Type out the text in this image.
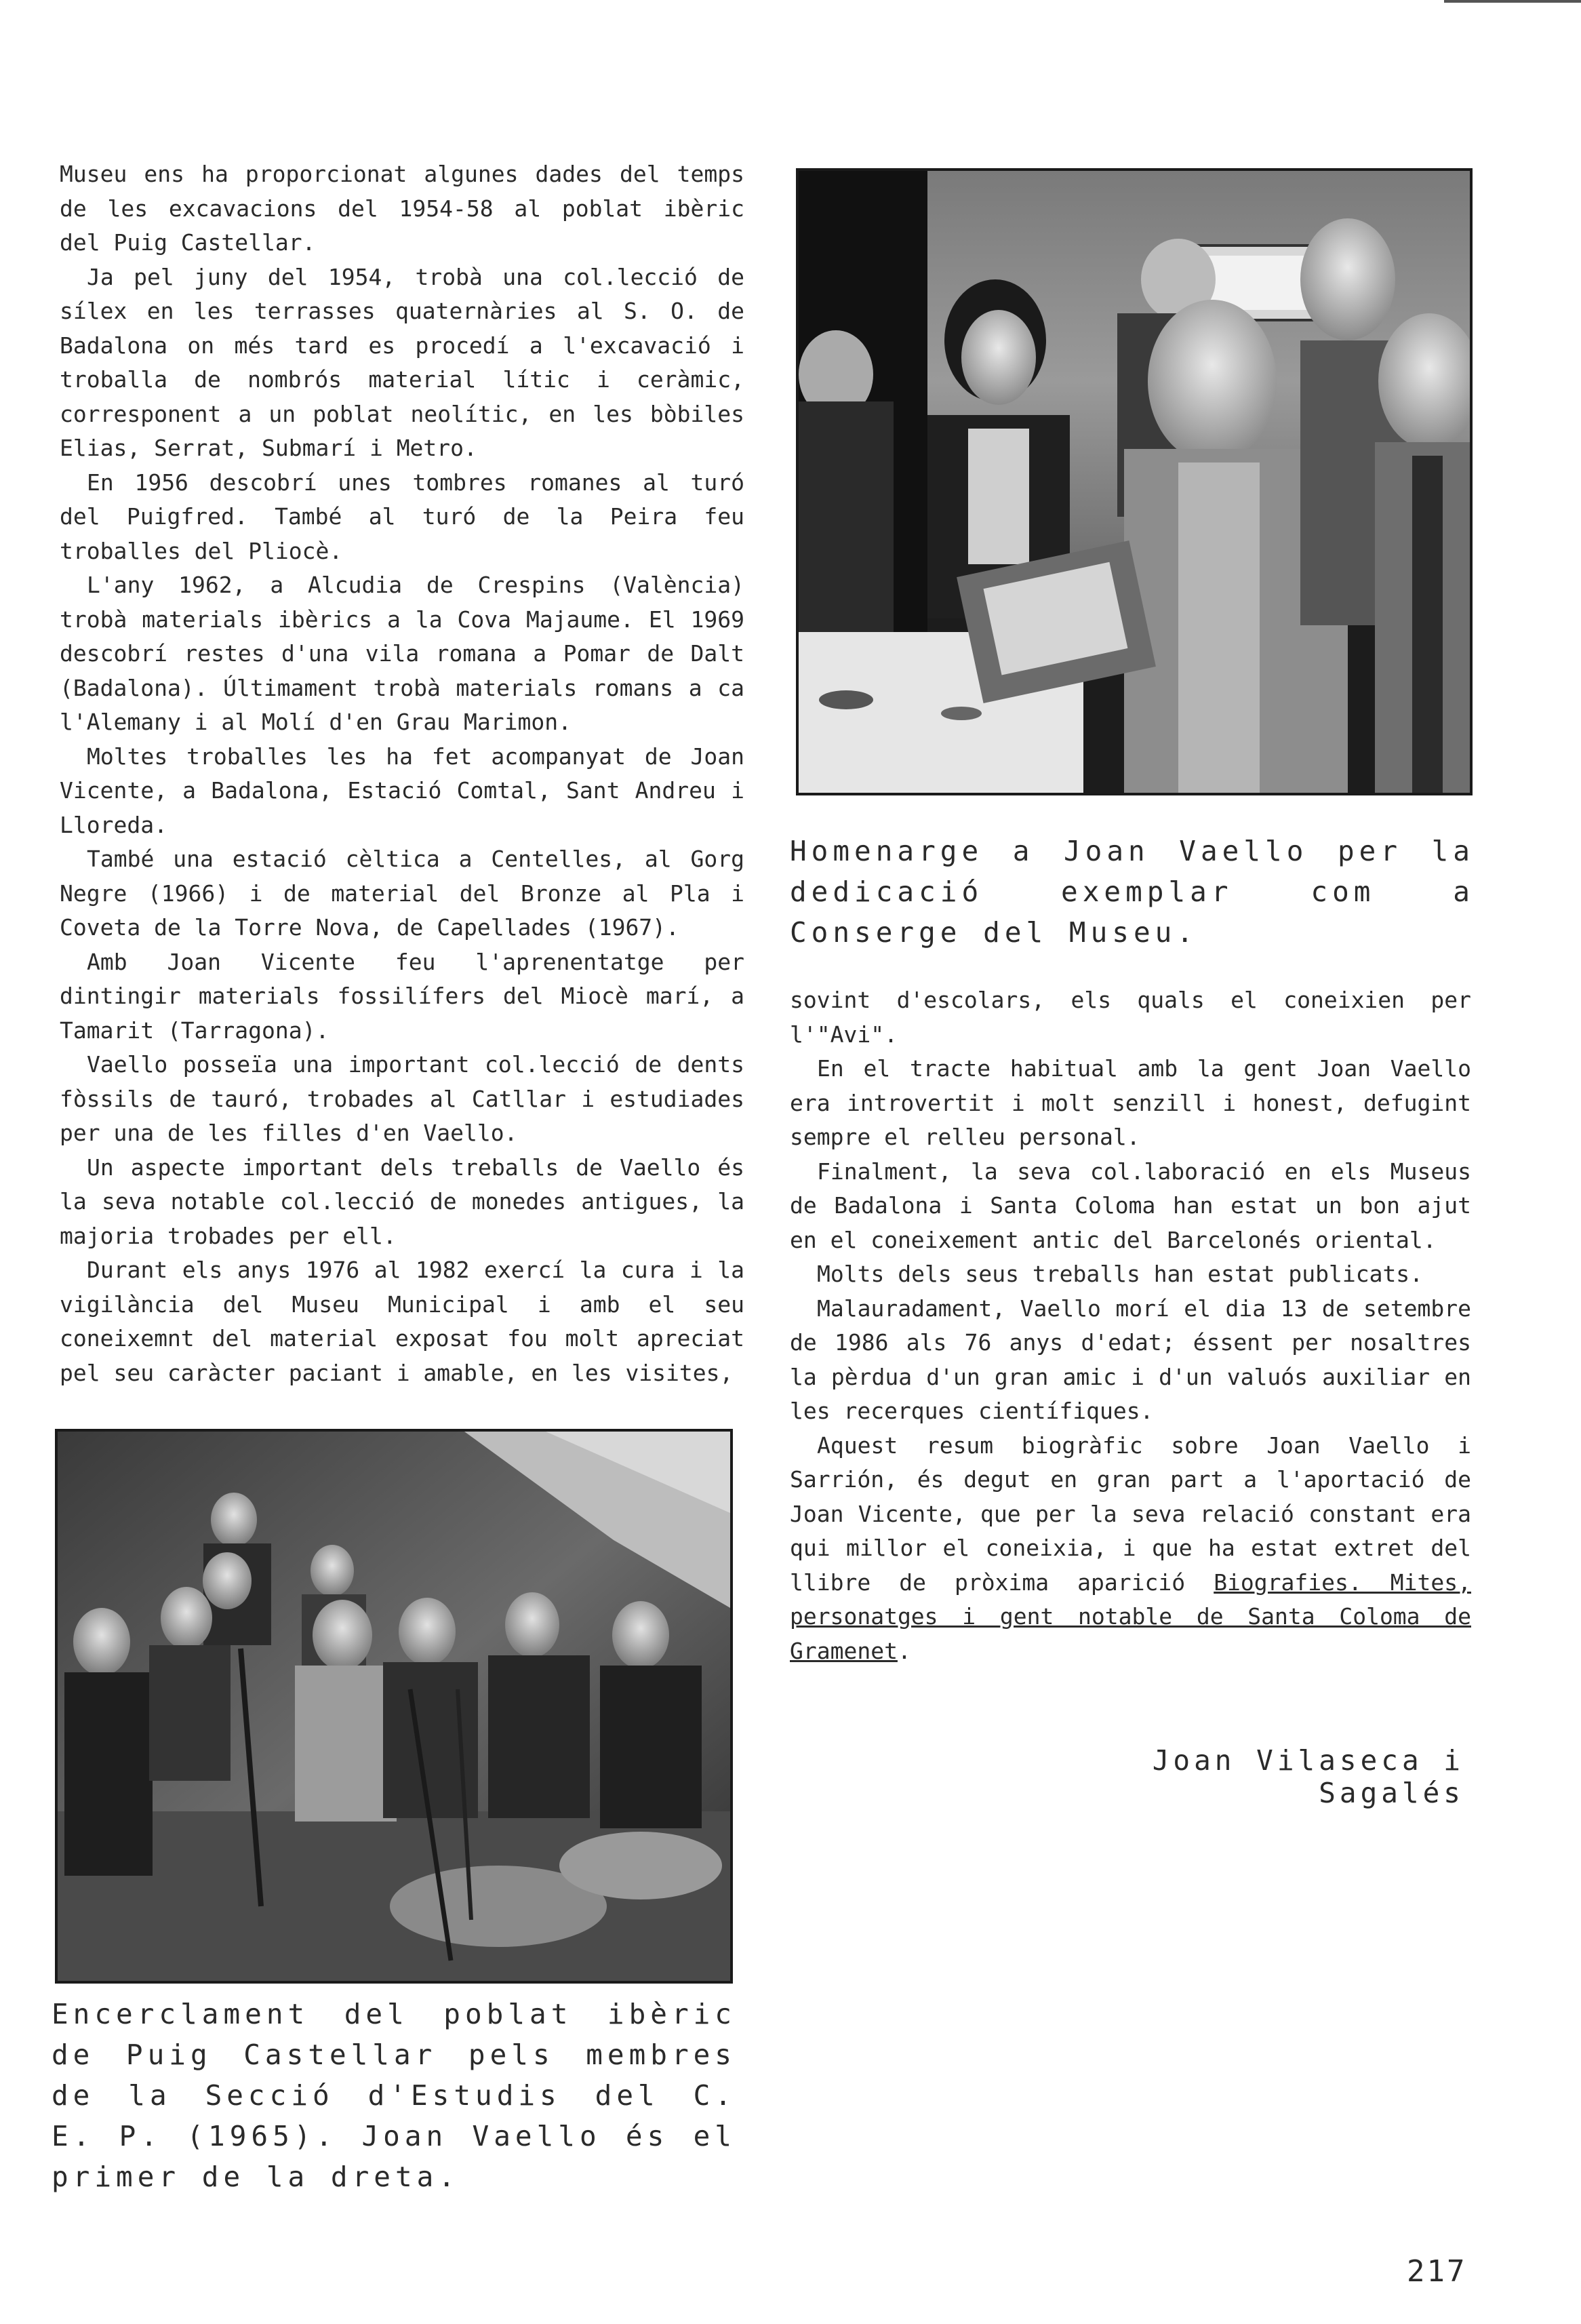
Museu ens ha proporcionat algunes dades del temps de les excavacions del 1954-58 al poblat ibèric del Puig Castellar.

Ja pel juny del 1954, trobà una col.lecció de sílex en les terrasses quaternàries al S. O. de Badalona on més tard es procedí a l'excavació i troballa de nombrós material lític i ceràmic, corresponent a un poblat neolític, en les bòbiles Elias, Serrat, Submarí i Metro.

En 1956 descobrí unes tombres romanes al turó del Puigfred. També al turó de la Peira feu troballes del Pliocè.

L'any 1962, a Alcudia de Crespins (València) trobà materials ibèrics a la Cova Majaume. El 1969 descobrí restes d'una vila romana a Pomar de Dalt (Badalona). Últimament trobà materials romans a ca l'Alemany i al Molí d'en Grau Marimon.

Moltes troballes les ha fet acompanyat de Joan Vicente, a Badalona, Estació Comtal, Sant Andreu i Lloreda.

També una estació cèltica a Centelles, al Gorg Negre (1966) i de material del Bronze al Pla i Coveta de la Torre Nova, de Capellades (1967).

Amb Joan Vicente feu l'aprenentatge per dintingir materials fossilífers del Miocè marí, a Tamarit (Tarragona).

Vaello posseïa una important col.lecció de dents fòssils de tauró, trobades al Catllar i estudiades per una de les filles d'en Vaello.

Un aspecte important dels treballs de Vaello és la seva notable col.lecció de monedes antigues, la majoria trobades per ell.

Durant els anys 1976 al 1982 exercí la cura i la vigilància del Museu Municipal i amb el seu coneixemnt del material exposat fou molt apreciat pel seu caràcter paciant i amable, en les visites,

Homenarge a Joan Vaello per la dedicació exemplar com a Conserge del Museu.

sovint d'escolars, els quals el coneixien per l'"Avi".

En el tracte habitual amb la gent Joan Vaello era introvertit i molt senzill i honest, defugint sempre el relleu personal.

Finalment, la seva col.laboració en els Museus de Badalona i Santa Coloma han estat un bon ajut en el coneixement antic del Barcelonés oriental.

Molts dels seus treballs han estat publicats.

Malauradament, Vaello morí el dia 13 de setembre de 1986 als 76 anys d'edat; éssent per nosaltres la pèrdua d'un gran amic i d'un valuós auxiliar en les recerques científiques.

Aquest resum biogràfic sobre Joan Vaello i Sarrión, és degut en gran part a l'aportació de Joan Vicente, que per la seva relació constant era qui millor el coneixia, i que ha estat extret del llibre de pròxima aparició Biografies. Mites, personatges i gent notable de Santa Coloma de Gramenet.

Joan Vilaseca i Sagalés
Encerclament del poblat ibèric de Puig Castellar pels membres de la Secció d'Estudis del C. E. P. (1965). Joan Vaello és el primer de la dreta.
217
